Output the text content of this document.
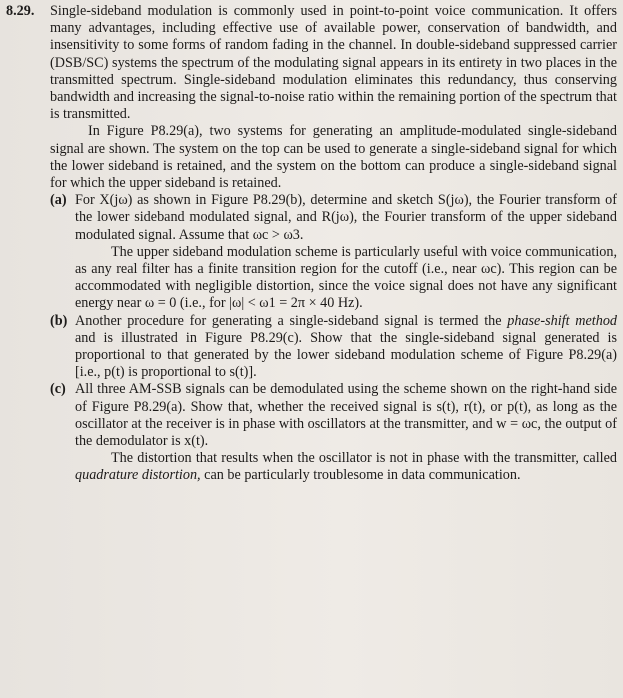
8.29. Single-sideband modulation is commonly used in point-to-point voice communication. It offers many advantages, including effective use of available power, conservation of bandwidth, and insensitivity to some forms of random fading in the channel. In double-sideband suppressed carrier (DSB/SC) systems the spectrum of the modulating signal appears in its entirety in two places in the transmitted spectrum. Single-sideband modulation eliminates this redundancy, thus conserving bandwidth and increasing the signal-to-noise ratio within the remaining portion of the spectrum that is transmitted.

In Figure P8.29(a), two systems for generating an amplitude-modulated single-sideband signal are shown. The system on the top can be used to generate a single-sideband signal for which the lower sideband is retained, and the system on the bottom can produce a single-sideband signal for which the upper sideband is retained.

(a) For X(jω) as shown in Figure P8.29(b), determine and sketch S(jω), the Fourier transform of the lower sideband modulated signal, and R(jω), the Fourier transform of the upper sideband modulated signal. Assume that ωc > ω3.

The upper sideband modulation scheme is particularly useful with voice communication, as any real filter has a finite transition region for the cutoff (i.e., near ωc). This region can be accommodated with negligible distortion, since the voice signal does not have any significant energy near ω = 0 (i.e., for |ω| < ω1 = 2π × 40 Hz).

(b) Another procedure for generating a single-sideband signal is termed the phase-shift method and is illustrated in Figure P8.29(c). Show that the single-sideband signal generated is proportional to that generated by the lower sideband modulation scheme of Figure P8.29(a) [i.e., p(t) is proportional to s(t)].

(c) All three AM-SSB signals can be demodulated using the scheme shown on the right-hand side of Figure P8.29(a). Show that, whether the received signal is s(t), r(t), or p(t), as long as the oscillator at the receiver is in phase with oscillators at the transmitter, and w = ωc, the output of the demodulator is x(t).

The distortion that results when the oscillator is not in phase with the transmitter, called quadrature distortion, can be particularly troublesome in data communication.
